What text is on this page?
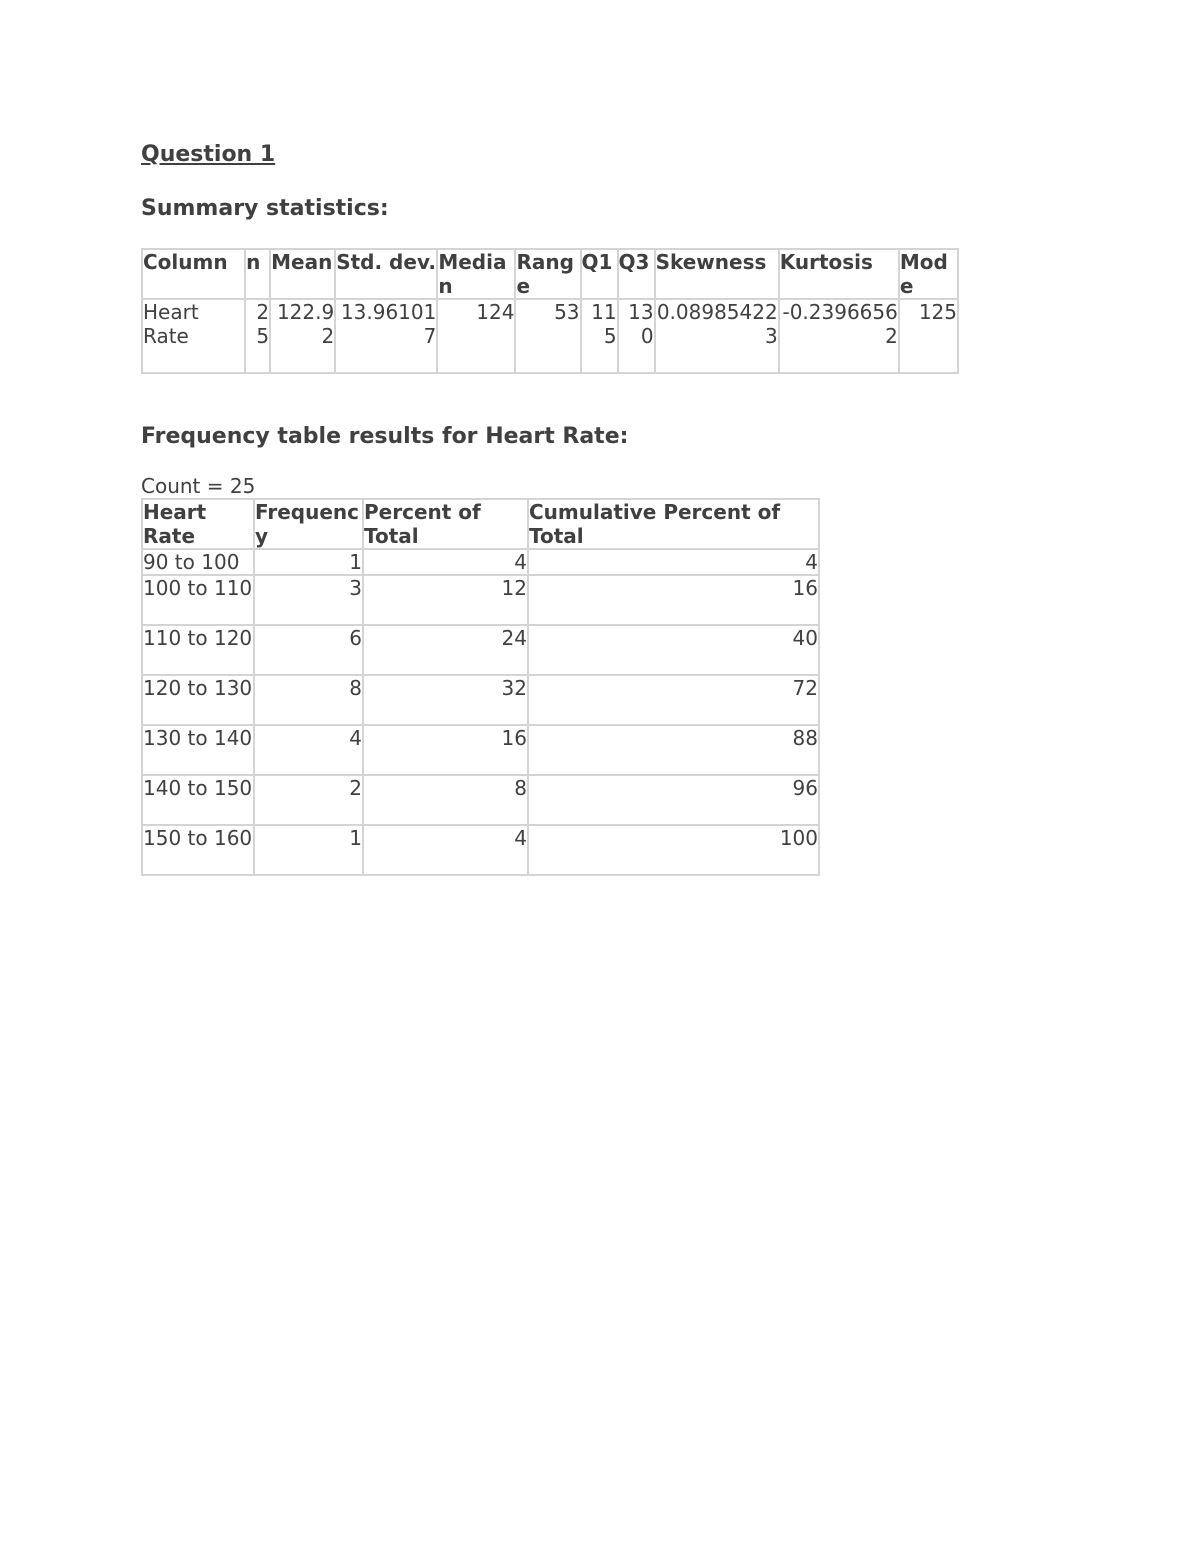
Question 1

Summary statistics:

Column	n	Mean	Std. dev.	Median	Range	Q1	Q3	Skewness	Kurtosis	Mode
Heart Rate	25	122.92	13.961017	124	53	115	130	0.089854223	-0.23966562	125

Frequency table results for Heart Rate:

Count = 25

Heart Rate	Frequency	Percent of Total	Cumulative Percent of Total
90 to 100	1	4	4
100 to 110	3	12	16
110 to 120	6	24	40
120 to 130	8	32	72
130 to 140	4	16	88
140 to 150	2	8	96
150 to 160	1	4	100
